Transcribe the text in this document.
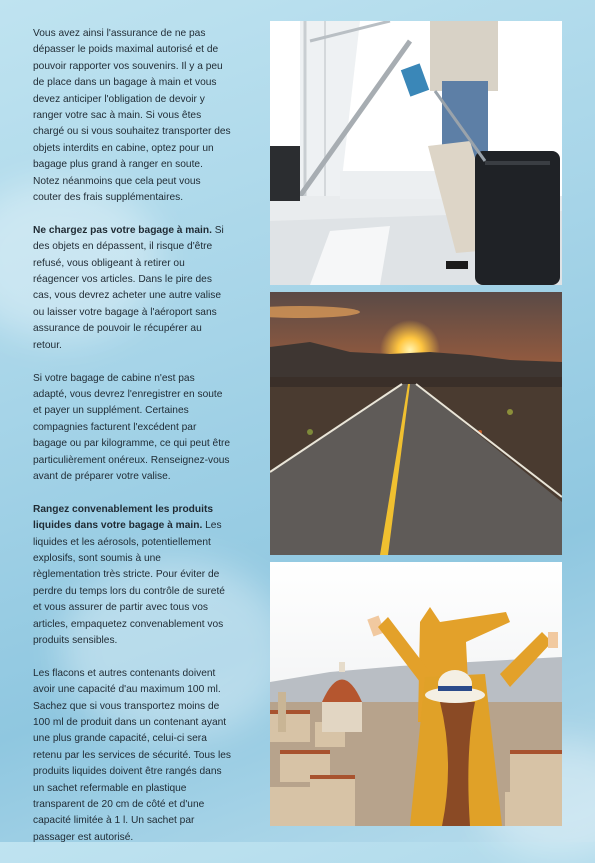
Vous avez ainsi l'assurance de ne pas dépasser le poids maximal autorisé et de pouvoir rapporter vos souvenirs. Il y a peu de place dans un bagage à main et vous devez anticiper l'obligation de devoir y ranger votre sac à main. Si vous êtes chargé ou si vous souhaitez transporter des objets interdits en cabine, optez pour un bagage plus grand à ranger en soute. Notez néanmoins que cela peut vous couter des frais supplémentaires.

Ne chargez pas votre bagage à main. Si des objets en dépassent, il risque d'être refusé, vous obligeant à retirer ou réagencer vos articles. Dans le pire des cas, vous devrez acheter une autre valise ou laisser votre bagage à l'aéroport sans assurance de pouvoir le récupérer au retour.

Si votre bagage de cabine n'est pas adapté, vous devrez l'enregistrer en soute et payer un supplément. Certaines compagnies facturent l'excédent par bagage ou par kilogramme, ce qui peut être particulièrement onéreux. Renseignez-vous avant de préparer votre valise.

Rangez convenablement les produits liquides dans votre bagage à main. Les liquides et les aérosols, potentiellement explosifs, sont soumis à une règlementation très stricte. Pour éviter de perdre du temps lors du contrôle de sureté et vous assurer de partir avec tous vos articles, empaquetez convenablement vos produits sensibles.

Les flacons et autres contenants doivent avoir une capacité d'au maximum 100 ml. Sachez que si vous transportez moins de 100 ml de produit dans un contenant ayant une plus grande capacité, celui-ci sera retenu par les services de sécurité. Tous les produits liquides doivent être rangés dans un sachet refermable en plastique transparent de 20 cm de côté et d'une capacité limitée à 1 l. Un sachet par passager est autorisé.
